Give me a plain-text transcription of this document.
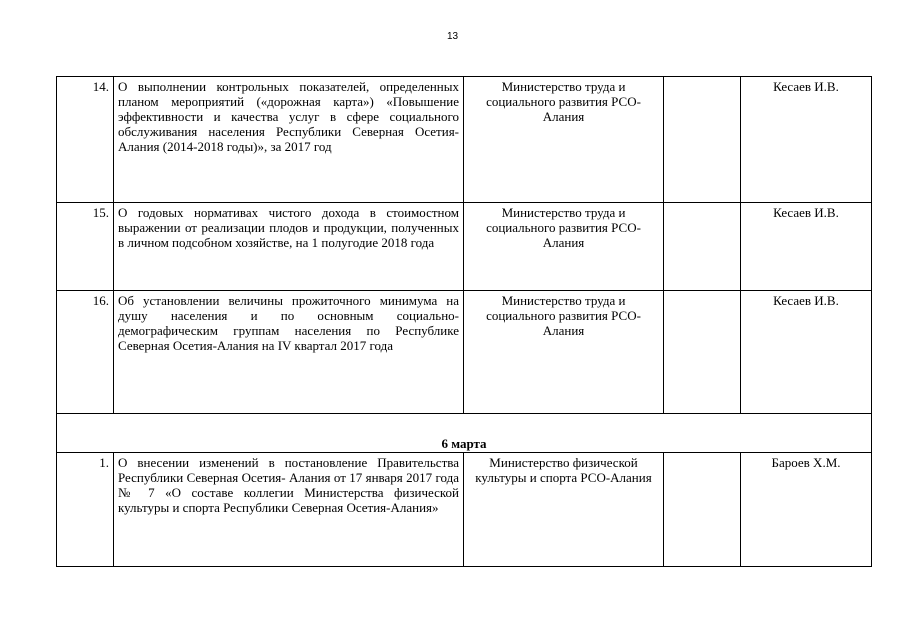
13
14.	О выполнении контрольных показателей, определенных планом мероприятий («дорожная карта») «Повышение эффективности и качества услуг в сфере социального обслуживания населения Республики Северная Осетия-Алания (2014-2018 годы)», за 2017 год	Министерство труда и социального развития РСО-Алания		Кесаев И.В.
15.	О годовых нормативах чистого дохода в стоимостном выражении от реализации плодов и продукции, полученных в личном подсобном хозяйстве, на 1 полугодие 2018 года	Министерство труда и социального развития РСО-Алания		Кесаев И.В.
16.	Об установлении величины прожиточного минимума на душу населения и по основным социально-демографическим группам населения по Республике Северная Осетия-Алания на IV квартал 2017 года	Министерство труда и социального развития РСО-Алания		Кесаев И.В.
6 марта				
1.	О внесении изменений в постановление Правительства Республики Северная Осетия- Алания от 17 января 2017 года № 7 «О составе коллегии Министерства физической культуры и спорта Республики Северная Осетия-Алания»	Министерство физической культуры и спорта РСО-Алания		Бароев Х.М.
